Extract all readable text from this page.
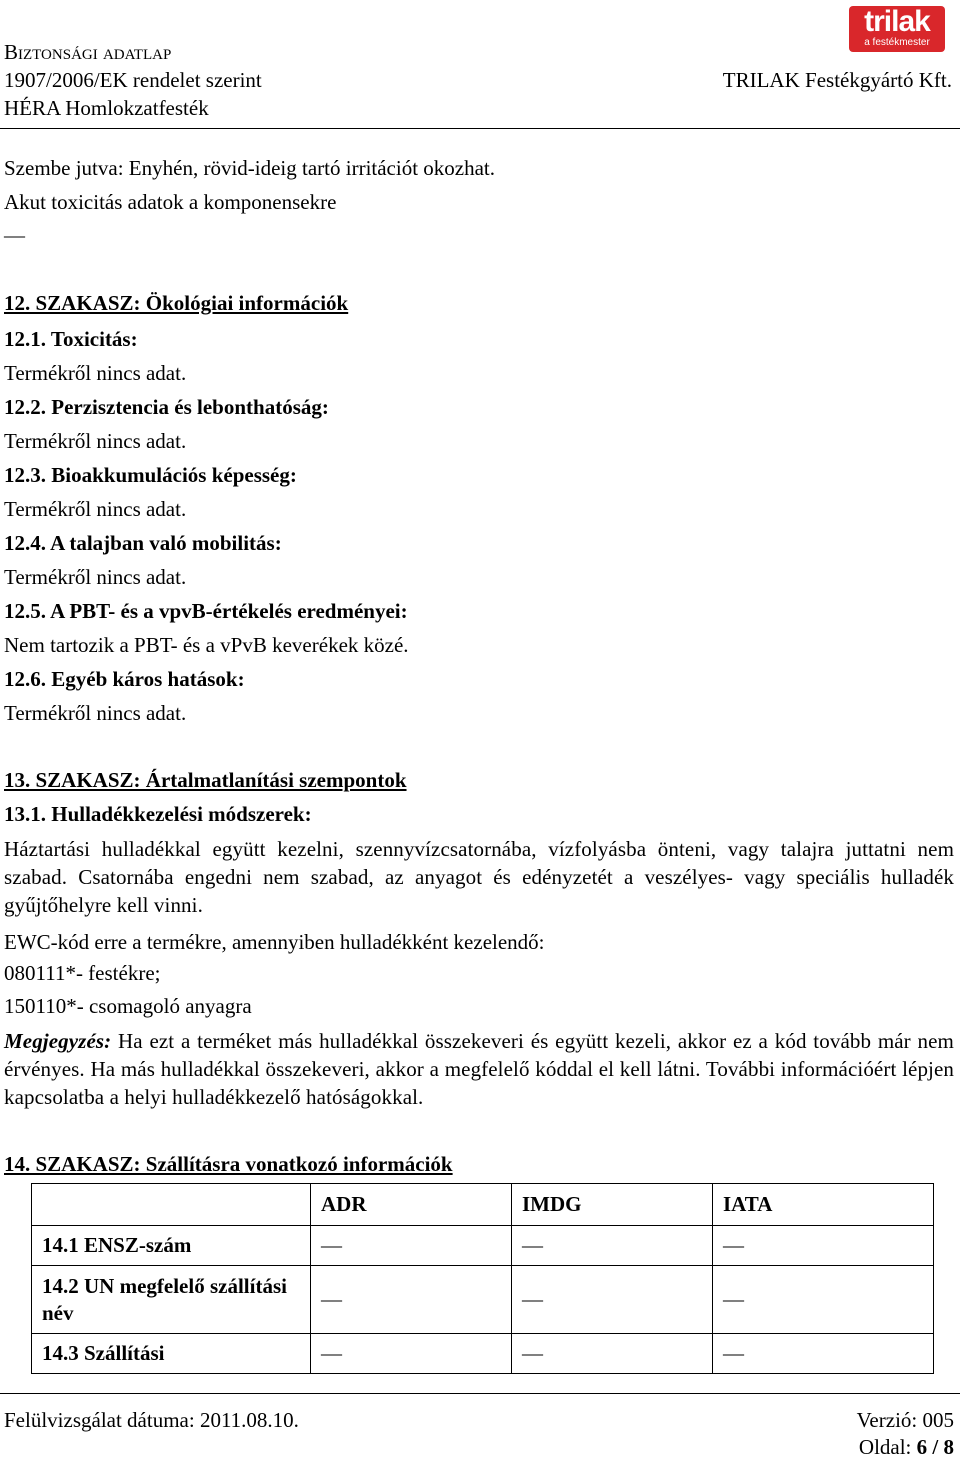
Biztonsági adatlap
1907/2006/EK rendelet szerint
HÉRA Homlokzatfesték
TRILAK Festékgyártó Kft.
trilak
a festékmester
Szembe jutva: Enyhén, rövid-ideig tartó irritációt okozhat.
Akut toxicitás adatok a komponensekre
—
12. SZAKASZ: Ökológiai információk
12.1. Toxicitás:
Termékről nincs adat.
12.2. Perzisztencia és lebonthatóság:
Termékről nincs adat.
12.3. Bioakkumulációs képesség:
Termékről nincs adat.
12.4. A talajban való mobilitás:
Termékről nincs adat.
12.5. A PBT- és a vpvB-értékelés eredményei:
Nem tartozik a PBT- és a vPvB keverékek közé.
12.6. Egyéb káros hatások:
Termékről nincs adat.
13. SZAKASZ: Ártalmatlanítási szempontok
13.1. Hulladékkezelési módszerek:
Háztartási hulladékkal együtt kezelni, szennyvízcsatornába, vízfolyásba önteni, vagy talajra juttatni nem szabad. Csatornába engedni nem szabad, az anyagot és edényzetét a veszélyes- vagy speciális hulladék gyűjtőhelyre kell vinni.
EWC-kód erre a termékre, amennyiben hulladékként kezelendő:
080111*- festékre;
150110*- csomagoló anyagra
Megjegyzés: Ha ezt a terméket más hulladékkal összekeveri és együtt kezeli, akkor ez a kód tovább már nem érvényes. Ha más hulladékkal összekeveri, akkor a megfelelő kóddal el kell látni. További információért lépjen kapcsolatba a helyi hulladékkezelő hatóságokkal.
14. SZAKASZ: Szállításra vonatkozó információk
	ADR	IMDG	IATA
14.1 ENSZ-szám	—	—	—
14.2 UN megfelelő szállítási név	—	—	—
14.3 Szállítási	—	—	—
Felülvizsgálat dátuma: 2011.08.10.	Verzió: 005
Oldal: 6 / 8
